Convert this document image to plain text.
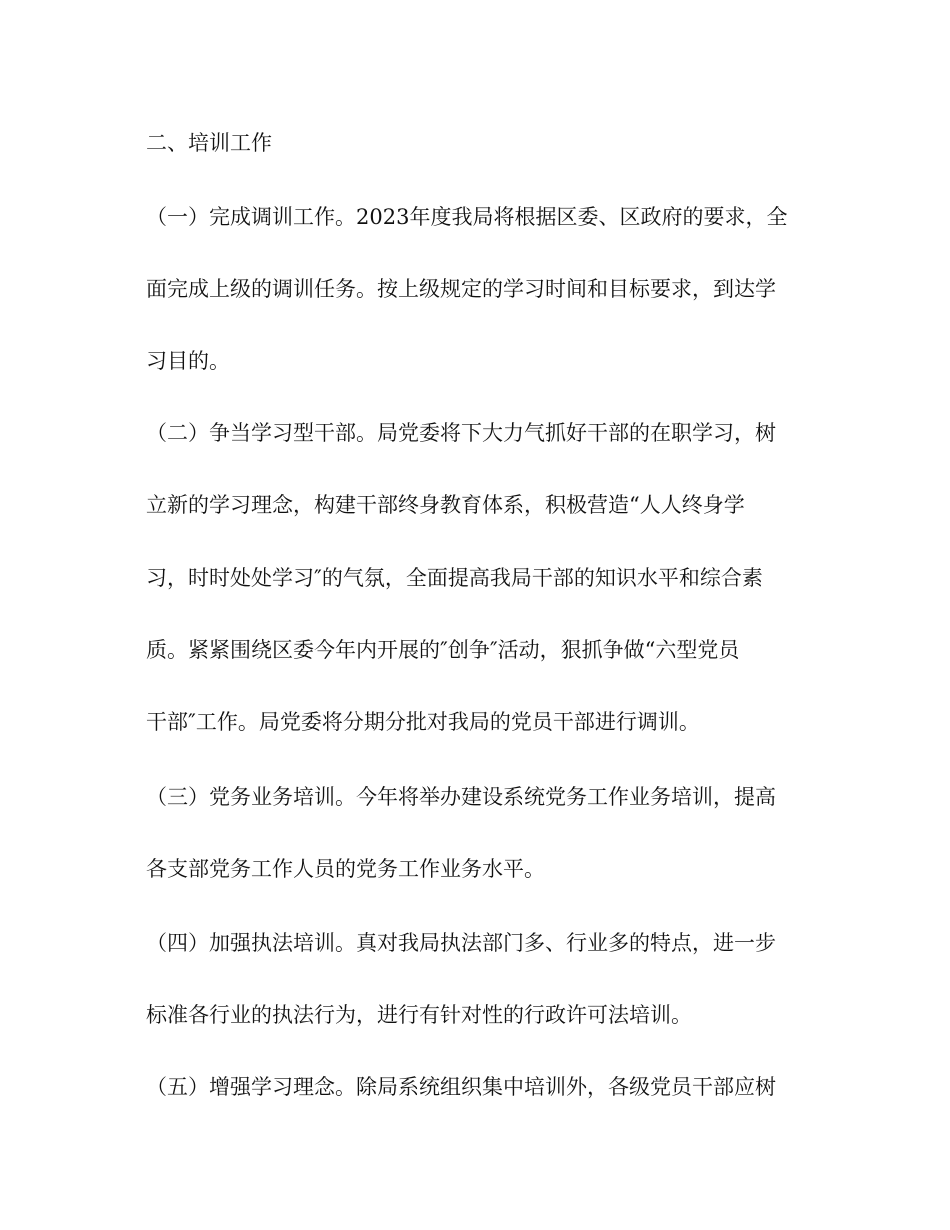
二、培训工作
（一）完成调训工作。2023年度我局将根据区委、区政府的要求，全
面完成上级的调训任务。按上级规定的学习时间和目标要求，到达学
习目的。
（二）争当学习型干部。局党委将下大力气抓好干部的在职学习，树
立新的学习理念，构建干部终身教育体系，积极营造“人人终身学
习，时时处处学习″的气氛，全面提高我局干部的知识水平和综合素
质。紧紧围绕区委今年内开展的″创争″活动，狠抓争做“六型党员
干部″工作。局党委将分期分批对我局的党员干部进行调训。
（三）党务业务培训。今年将举办建设系统党务工作业务培训，提高
各支部党务工作人员的党务工作业务水平。
（四）加强执法培训。真对我局执法部门多、行业多的特点，进一步
标准各行业的执法行为，进行有针对性的行政许可法培训。
（五）增强学习理念。除局系统组织集中培训外，各级党员干部应树
